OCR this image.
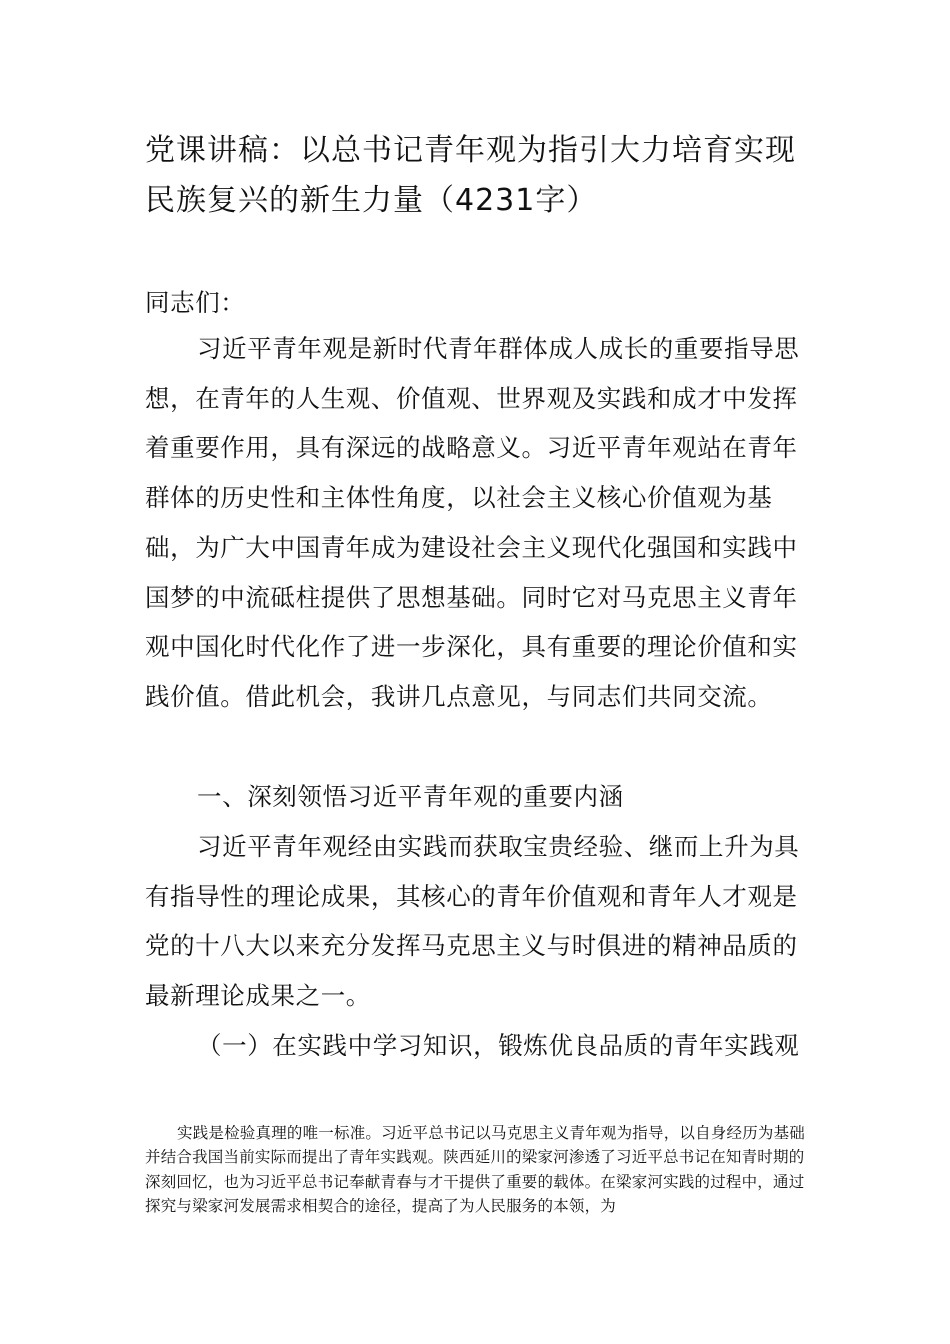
党课讲稿：以总书记青年观为指引大力培育实现民族复兴的新生力量（4231字）

同志们：

习近平青年观是新时代青年群体成人成长的重要指导思想，在青年的人生观、价值观、世界观及实践和成才中发挥着重要作用，具有深远的战略意义。习近平青年观站在青年群体的历史性和主体性角度，以社会主义核心价值观为基础，为广大中国青年成为建设社会主义现代化强国和实践中国梦的中流砥柱提供了思想基础。同时它对马克思主义青年观中国化时代化作了进一步深化，具有重要的理论价值和实践价值。借此机会，我讲几点意见，与同志们共同交流。

一、深刻领悟习近平青年观的重要内涵

习近平青年观经由实践而获取宝贵经验、继而上升为具有指导性的理论成果，其核心的青年价值观和青年人才观是党的十八大以来充分发挥马克思主义与时俱进的精神品质的最新理论成果之一。

（一）在实践中学习知识，锻炼优良品质的青年实践观

实践是检验真理的唯一标准。习近平总书记以马克思主义青年观为指导，以自身经历为基础并结合我国当前实际而提出了青年实践观。陕西延川的梁家河渗透了习近平总书记在知青时期的深刻回忆，也为习近平总书记奉献青春与才干提供了重要的载体。在梁家河实践的过程中，通过探究与梁家河发展需求相契合的途径，提高了为人民服务的本领，为
